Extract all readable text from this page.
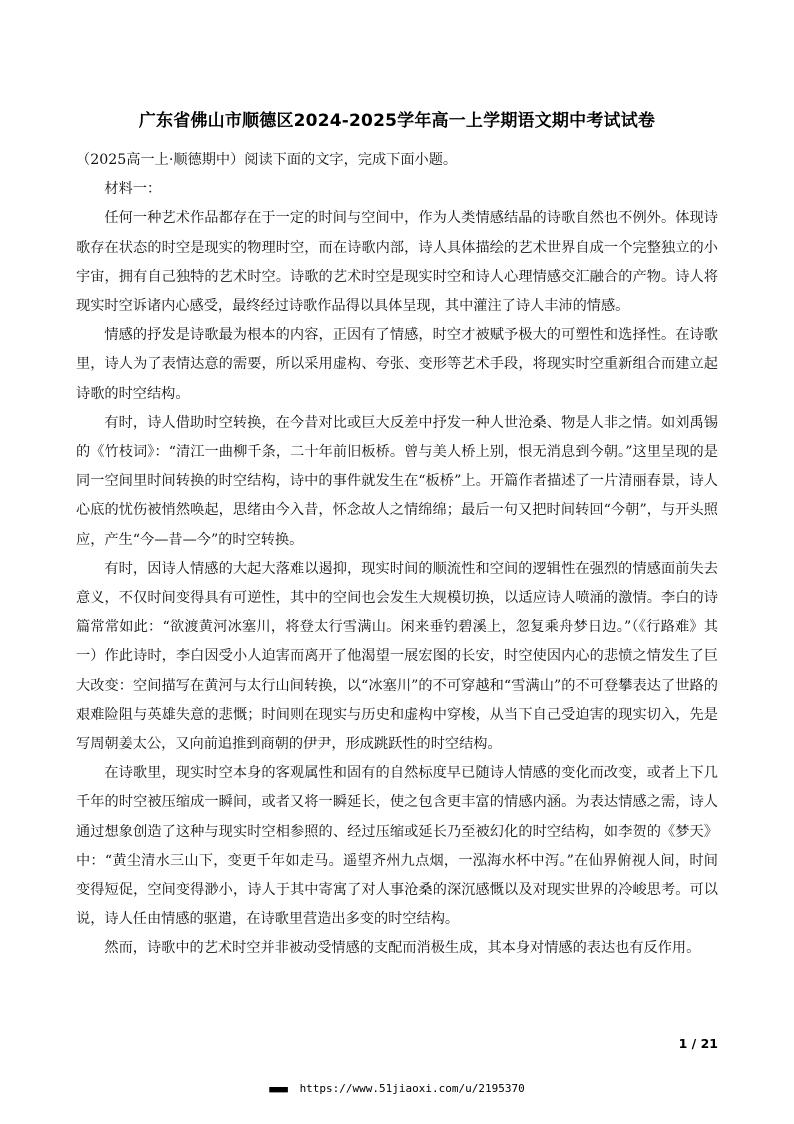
广东省佛山市顺德区2024-2025学年高一上学期语文期中考试试卷

（2025高一上·顺德期中）阅读下面的文字，完成下面小题。

材料一：

任何一种艺术作品都存在于一定的时间与空间中，作为人类情感结晶的诗歌自然也不例外。体现诗歌存在状态的时空是现实的物理时空，而在诗歌内部，诗人具体描绘的艺术世界自成一个完整独立的小宇宙，拥有自己独特的艺术时空。诗歌的艺术时空是现实时空和诗人心理情感交汇融合的产物。诗人将现实时空诉诸内心感受，最终经过诗歌作品得以具体呈现，其中灌注了诗人丰沛的情感。

情感的抒发是诗歌最为根本的内容，正因有了情感，时空才被赋予极大的可塑性和选择性。在诗歌里，诗人为了表情达意的需要，所以采用虚构、夸张、变形等艺术手段，将现实时空重新组合而建立起诗歌的时空结构。

有时，诗人借助时空转换，在今昔对比或巨大反差中抒发一种人世沧桑、物是人非之情。如刘禹锡的《竹枝词》：“清江一曲柳千条，二十年前旧板桥。曾与美人桥上别，恨无消息到今朝。”这里呈现的是同一空间里时间转换的时空结构，诗中的事件就发生在“板桥”上。开篇作者描述了一片清丽春景，诗人心底的忧伤被悄然唤起，思绪由今入昔，怀念故人之情绵绵；最后一句又把时间转回“今朝”，与开头照应，产生“今—昔—今”的时空转换。

有时，因诗人情感的大起大落难以遏抑，现实时间的顺流性和空间的逻辑性在强烈的情感面前失去意义，不仅时间变得具有可逆性，其中的空间也会发生大规模切换，以适应诗人喷涌的激情。李白的诗篇常常如此：“欲渡黄河冰塞川，将登太行雪满山。闲来垂钓碧溪上，忽复乘舟梦日边。”（《行路难》其一）作此诗时，李白因受小人迫害而离开了他渴望一展宏图的长安，时空使因内心的悲愤之情发生了巨大改变：空间描写在黄河与太行山间转换，以“冰塞川”的不可穿越和“雪满山”的不可登攀表达了世路的艰难险阻与英雄失意的悲慨；时间则在现实与历史和虚构中穿梭，从当下自己受迫害的现实切入，先是写周朝姜太公，又向前追推到商朝的伊尹，形成跳跃性的时空结构。

在诗歌里，现实时空本身的客观属性和固有的自然标度早已随诗人情感的变化而改变，或者上下几千年的时空被压缩成一瞬间，或者又将一瞬延长，使之包含更丰富的情感内涵。为表达情感之需，诗人通过想象创造了这种与现实时空相参照的、经过压缩或延长乃至被幻化的时空结构，如李贺的《梦天》中：“黄尘清水三山下，变更千年如走马。遥望齐州九点烟，一泓海水杯中泻。”在仙界俯视人间，时间变得短促，空间变得渺小，诗人于其中寄寓了对人事沧桑的深沉感慨以及对现实世界的冷峻思考。可以说，诗人任由情感的驱遣，在诗歌里营造出多变的时空结构。

然而，诗歌中的艺术时空并非被动受情感的支配而消极生成，其本身对情感的表达也有反作用。

1 / 21
■■■■ https://www.51jiaoxi.com/u/2195370
